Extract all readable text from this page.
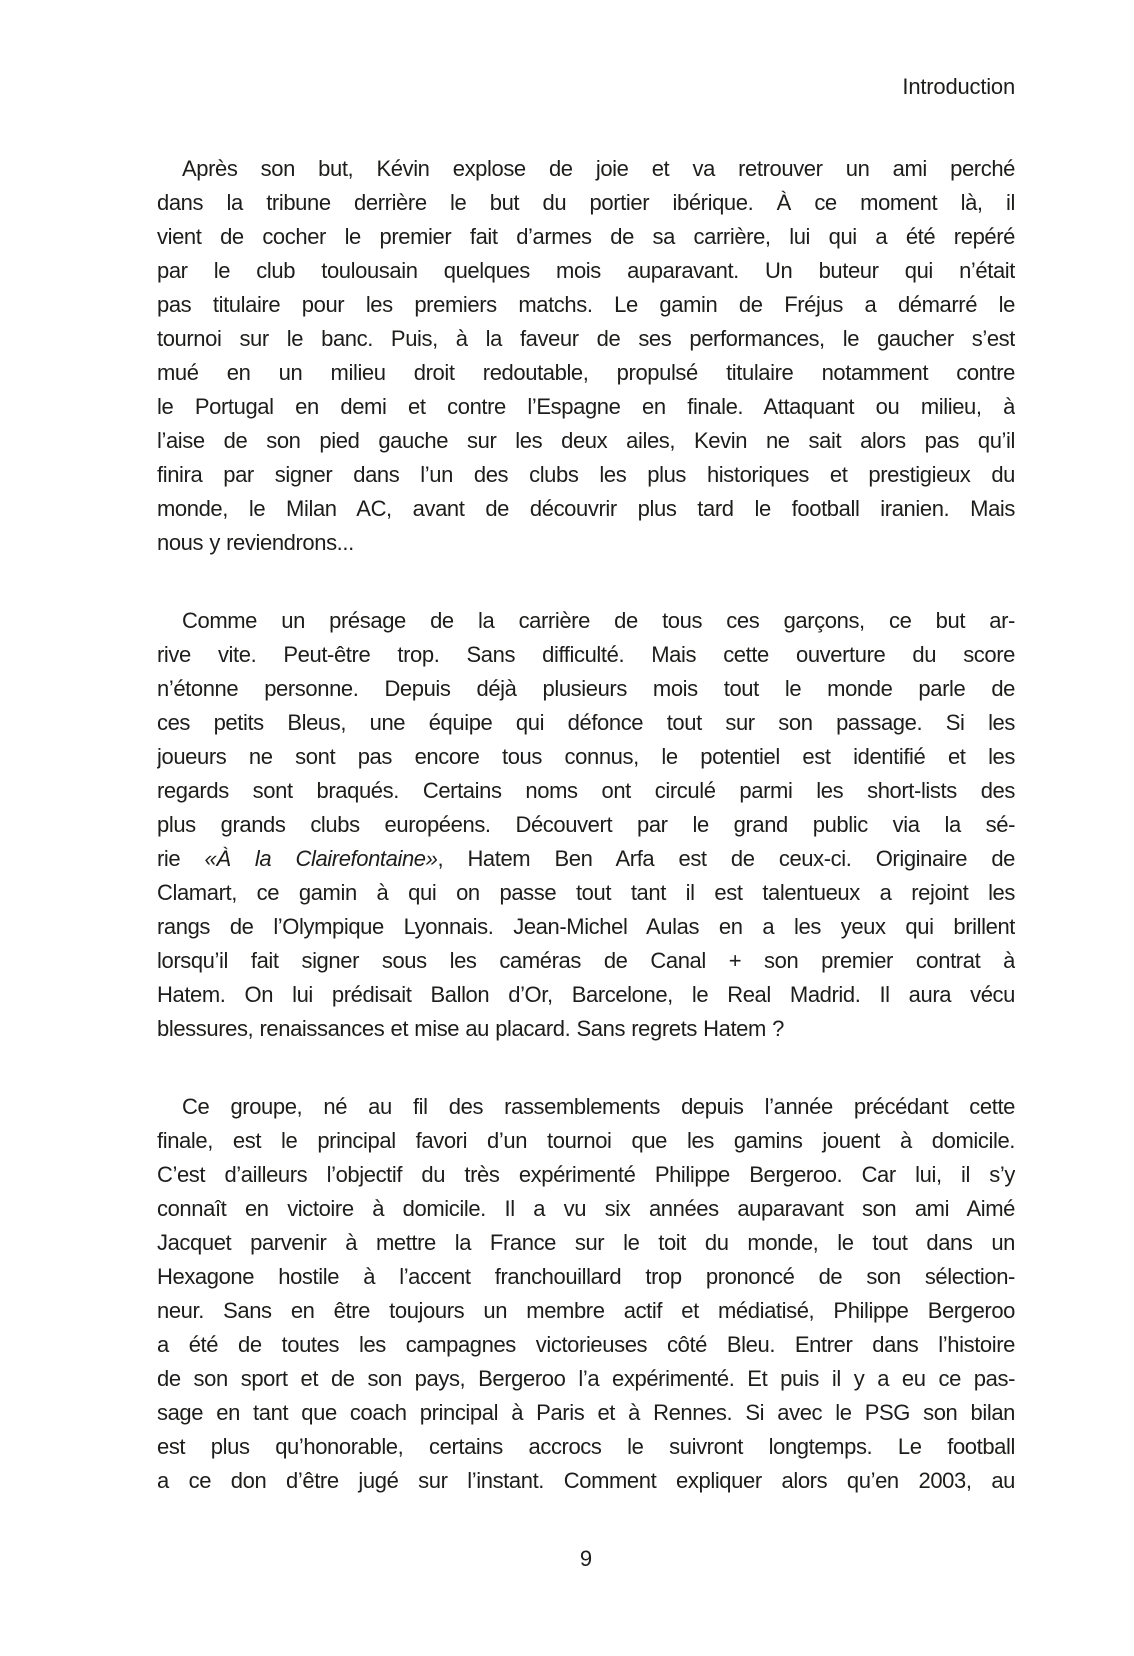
Introduction
Après son but, Kévin explose de joie et va retrouver un ami perché
dans la tribune derrière le but du portier ibérique. À ce moment là, il
vient de cocher le premier fait d’armes de sa carrière, lui qui a été repéré
par le club toulousain quelques mois auparavant. Un buteur qui n’était
pas titulaire pour les premiers matchs. Le gamin de Fréjus a démarré le
tournoi sur le banc. Puis, à la faveur de ses performances, le gaucher s’est
mué en un milieu droit redoutable, propulsé titulaire notamment contre
le Portugal en demi et contre l’Espagne en finale. Attaquant ou milieu, à
l’aise de son pied gauche sur les deux ailes, Kevin ne sait alors pas qu’il
finira par signer dans l’un des clubs les plus historiques et prestigieux du
monde, le Milan AC, avant de découvrir plus tard le football iranien. Mais
nous y reviendrons...
Comme un présage de la carrière de tous ces garçons, ce but ar-
rive vite. Peut-être trop. Sans difficulté. Mais cette ouverture du score
n’étonne personne. Depuis déjà plusieurs mois tout le monde parle de
ces petits Bleus, une équipe qui défonce tout sur son passage. Si les
joueurs ne sont pas encore tous connus, le potentiel est identifié et les
regards sont braqués. Certains noms ont circulé parmi les short-lists des
plus grands clubs européens. Découvert par le grand public via la sé-
rie «À la Clairefontaine», Hatem Ben Arfa est de ceux-ci. Originaire de
Clamart, ce gamin à qui on passe tout tant il est talentueux a rejoint les
rangs de l’Olympique Lyonnais. Jean-Michel Aulas en a les yeux qui brillent
lorsqu’il fait signer sous les caméras de Canal + son premier contrat à
Hatem. On lui prédisait Ballon d’Or, Barcelone, le Real Madrid. Il aura vécu
blessures, renaissances et mise au placard. Sans regrets Hatem ?
Ce groupe, né au fil des rassemblements depuis l’année précédant cette
finale, est le principal favori d’un tournoi que les gamins jouent à domicile.
C’est d’ailleurs l’objectif du très expérimenté Philippe Bergeroo. Car lui, il s’y
connaît en victoire à domicile. Il a vu six années auparavant son ami Aimé
Jacquet parvenir à mettre la France sur le toit du monde, le tout dans un
Hexagone hostile à l’accent franchouillard trop prononcé de son sélection-
neur. Sans en être toujours un membre actif et médiatisé, Philippe Bergeroo
a été de toutes les campagnes victorieuses côté Bleu. Entrer dans l’histoire
de son sport et de son pays, Bergeroo l’a expérimenté. Et puis il y a eu ce pas-
sage en tant que coach principal à Paris et à Rennes. Si avec le PSG son bilan
est plus qu’honorable, certains accrocs le suivront longtemps. Le football
a ce don d’être jugé sur l’instant. Comment expliquer alors qu’en 2003, au
9
